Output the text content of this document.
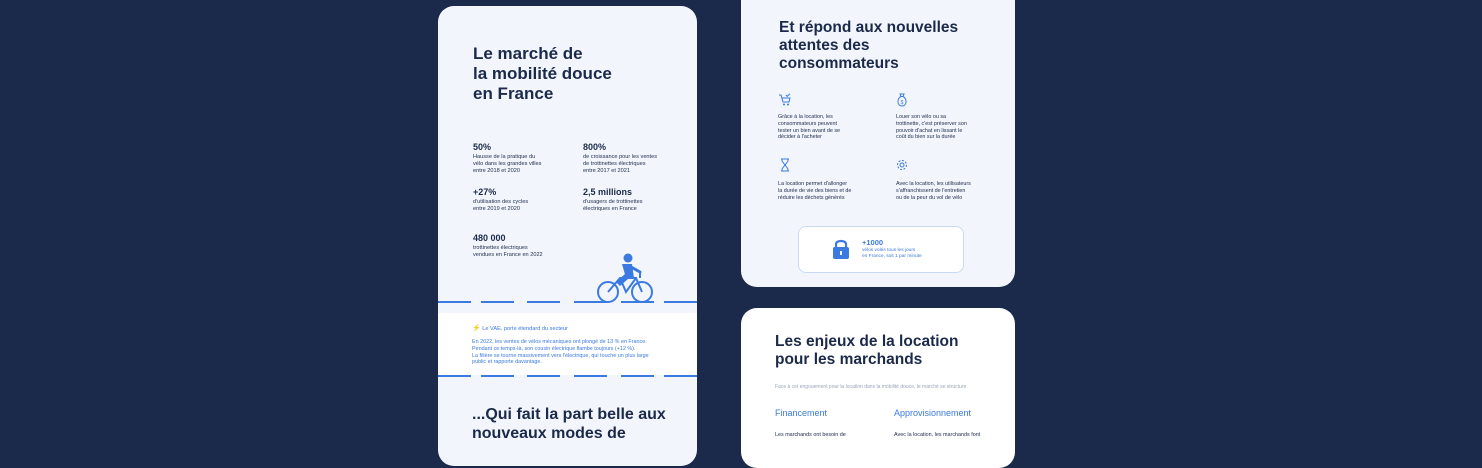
Le marché de
la mobilité douce
en France
50%
Hausse de la pratique du
vélo dans les grandes villes
entre 2018 et 2020
800%
de croissance pour les ventes
de trottinettes électriques
entre 2017 et 2021
+27%
d'utilisation des cycles
entre 2019 et 2020
2,5 millions
d'usagers de trottinettes
électriques en France
480 000
trottinettes électriques
vendues en France en 2022
⚡ Le VAE, porte étendard du secteur
En 2022, les ventes de vélos mécaniques ont plongé de 13 % en France.
Pendant ce temps-là, son cousin électrique flambe toujours (+12 %).
La filière se tourne massivement vers l'électrique, qui touche un plus large
public et rapporte davantage.
...Qui fait la part belle aux
nouveaux modes de
Et répond aux nouvelles
attentes des
consommateurs
Grâce à la location, les
consommateurs peuvent
tester un bien avant de se
décider à l'acheter
$
Louer son vélo ou sa
trottinette, c'est préserver son
pouvoir d'achat en lissant le
coût du bien sur la durée
La location permet d'allonger
la durée de vie des biens et de
réduire les déchets générés
Avec la location, les utilisateurs
s'affranchissent de l'entretien
ou de la peur du vol de vélo
+1000
vélos volés tous les jours
en France, soit 1 par minute
Les enjeux de la location
pour les marchands
Face à cet engouement pour la location dans la mobilité douce, le marché se structure
Financement	Approvisionnement
Les marchands ont besoin de	Avec la location, les marchands font
